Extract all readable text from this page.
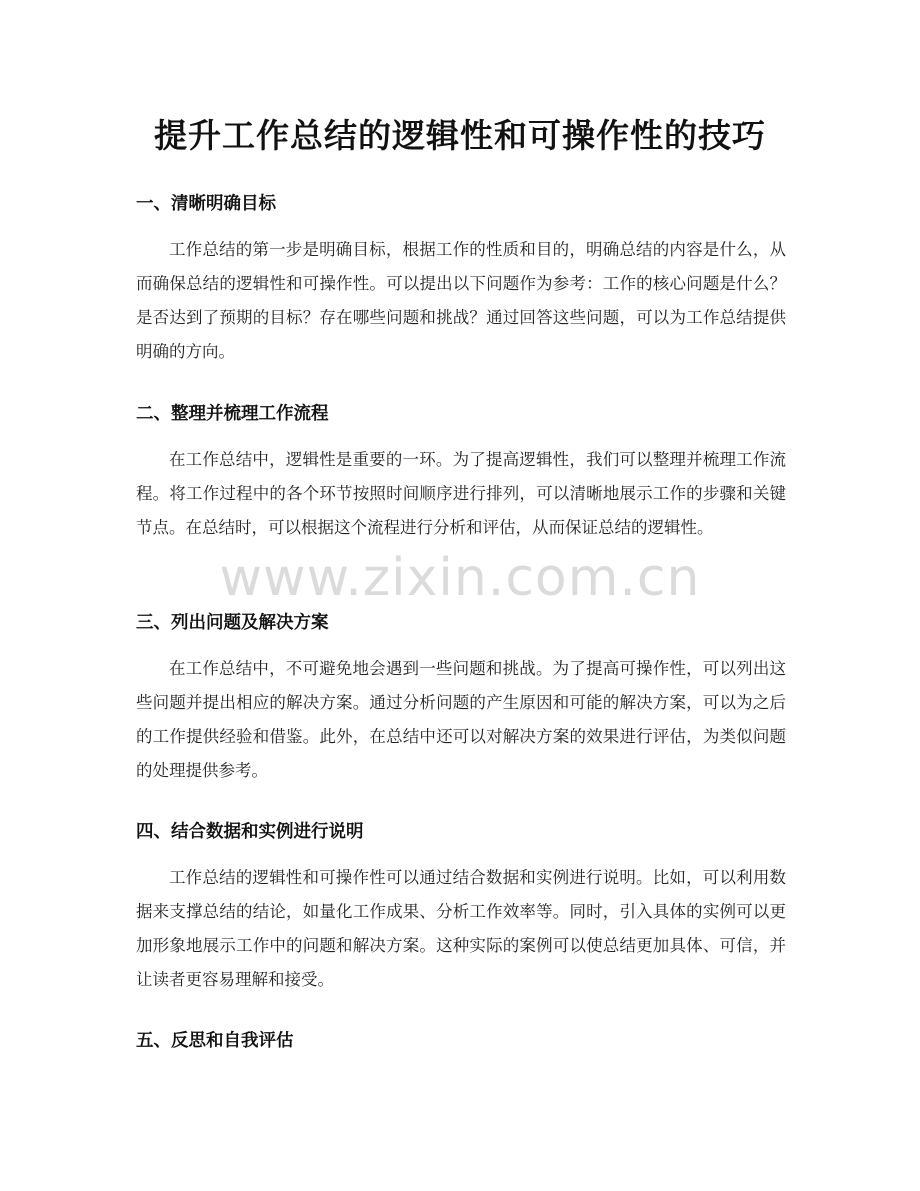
提升工作总结的逻辑性和可操作性的技巧
一、清晰明确目标

工作总结的第一步是明确目标，根据工作的性质和目的，明确总结的内容是什么，从而确保总结的逻辑性和可操作性。可以提出以下问题作为参考：工作的核心问题是什么？是否达到了预期的目标？存在哪些问题和挑战？通过回答这些问题，可以为工作总结提供明确的方向。

二、整理并梳理工作流程

在工作总结中，逻辑性是重要的一环。为了提高逻辑性，我们可以整理并梳理工作流程。将工作过程中的各个环节按照时间顺序进行排列，可以清晰地展示工作的步骤和关键节点。在总结时，可以根据这个流程进行分析和评估，从而保证总结的逻辑性。

三、列出问题及解决方案

在工作总结中，不可避免地会遇到一些问题和挑战。为了提高可操作性，可以列出这些问题并提出相应的解决方案。通过分析问题的产生原因和可能的解决方案，可以为之后的工作提供经验和借鉴。此外，在总结中还可以对解决方案的效果进行评估，为类似问题的处理提供参考。

四、结合数据和实例进行说明

工作总结的逻辑性和可操作性可以通过结合数据和实例进行说明。比如，可以利用数据来支撑总结的结论，如量化工作成果、分析工作效率等。同时，引入具体的实例可以更加形象地展示工作中的问题和解决方案。这种实际的案例可以使总结更加具体、可信，并让读者更容易理解和接受。

五、反思和自我评估
www.zixin.com.cn
